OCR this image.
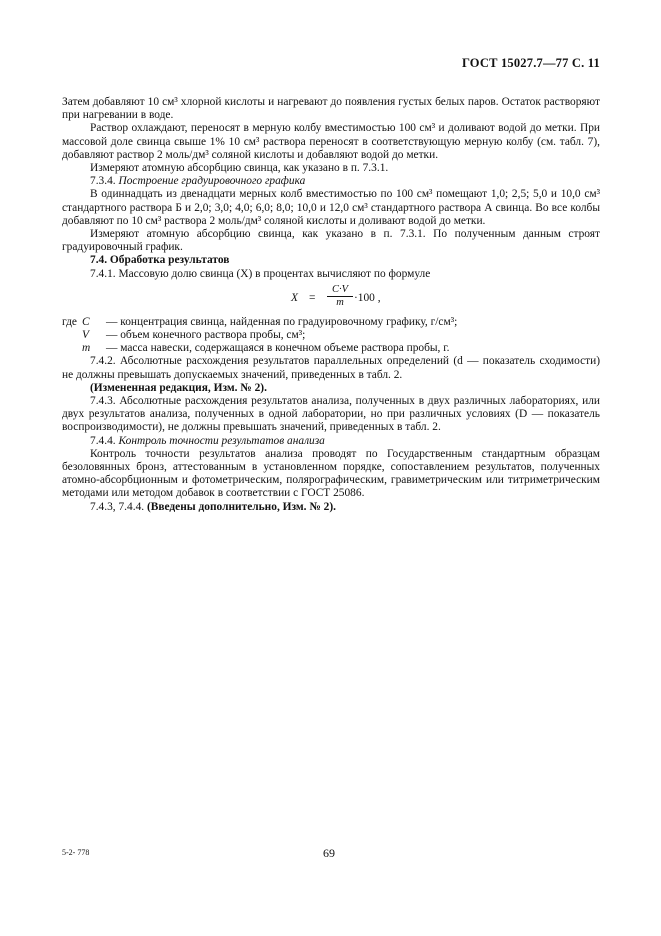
ГОСТ 15027.7—77 С. 11

Затем добавляют 10 см³ хлорной кислоты и нагревают до появления густых белых паров. Остаток растворяют при нагревании в воде.

Раствор охлаждают, переносят в мерную колбу вместимостью 100 см³ и доливают водой до метки. При массовой доле свинца свыше 1% 10 см³ раствора переносят в соответствующую мерную колбу (см. табл. 7), добавляют раствор 2 моль/дм³ соляной кислоты и добавляют водой до метки.

Измеряют атомную абсорбцию свинца, как указано в п. 7.3.1.

7.3.4. Построение градуировочного графика

В одиннадцать из двенадцати мерных колб вместимостью по 100 см³ помещают 1,0; 2,5; 5,0 и 10,0 см³ стандартного раствора Б и 2,0; 3,0; 4,0; 6,0; 8,0; 10,0 и 12,0 см³ стандартного раствора А свинца. Во все колбы добавляют по 10 см³ раствора 2 моль/дм³ соляной кислоты и доливают водой до метки.

Измеряют атомную абсорбцию свинца, как указано в п. 7.3.1. По полученным данным строят градуировочный график.

7.4. Обработка результатов

7.4.1. Массовую долю свинца (X) в процентах вычисляют по формуле

$X = \frac{C\cdot V}{m} \cdot 100$ ,
где C	— концентрация свинца, найденная по градуировочному графику, г/см³;
V	— объем конечного раствора пробы, см³;
m	— масса навески, содержащаяся в конечном объеме раствора пробы, г.

7.4.2. Абсолютные расхождения результатов параллельных определений (d — показатель сходимости) не должны превышать допускаемых значений, приведенных в табл. 2.

(Измененная редакция, Изм. № 2).

7.4.3. Абсолютные расхождения результатов анализа, полученных в двух различных лабораториях, или двух результатов анализа, полученных в одной лаборатории, но при различных условиях (D — показатель воспроизводимости), не должны превышать значений, приведенных в табл. 2.

7.4.4. Контроль точности результатов анализа

Контроль точности результатов анализа проводят по Государственным стандартным образцам безоловянных бронз, аттестованным в установленном порядке, сопоставлением результатов, полученных атомно-абсорбционным и фотометрическим, полярографическим, гравиметрическим или титриметрическим методами или методом добавок в соответствии с ГОСТ 25086.

7.4.3, 7.4.4. (Введены дополнительно, Изм. № 2).

5-2- 778	69
